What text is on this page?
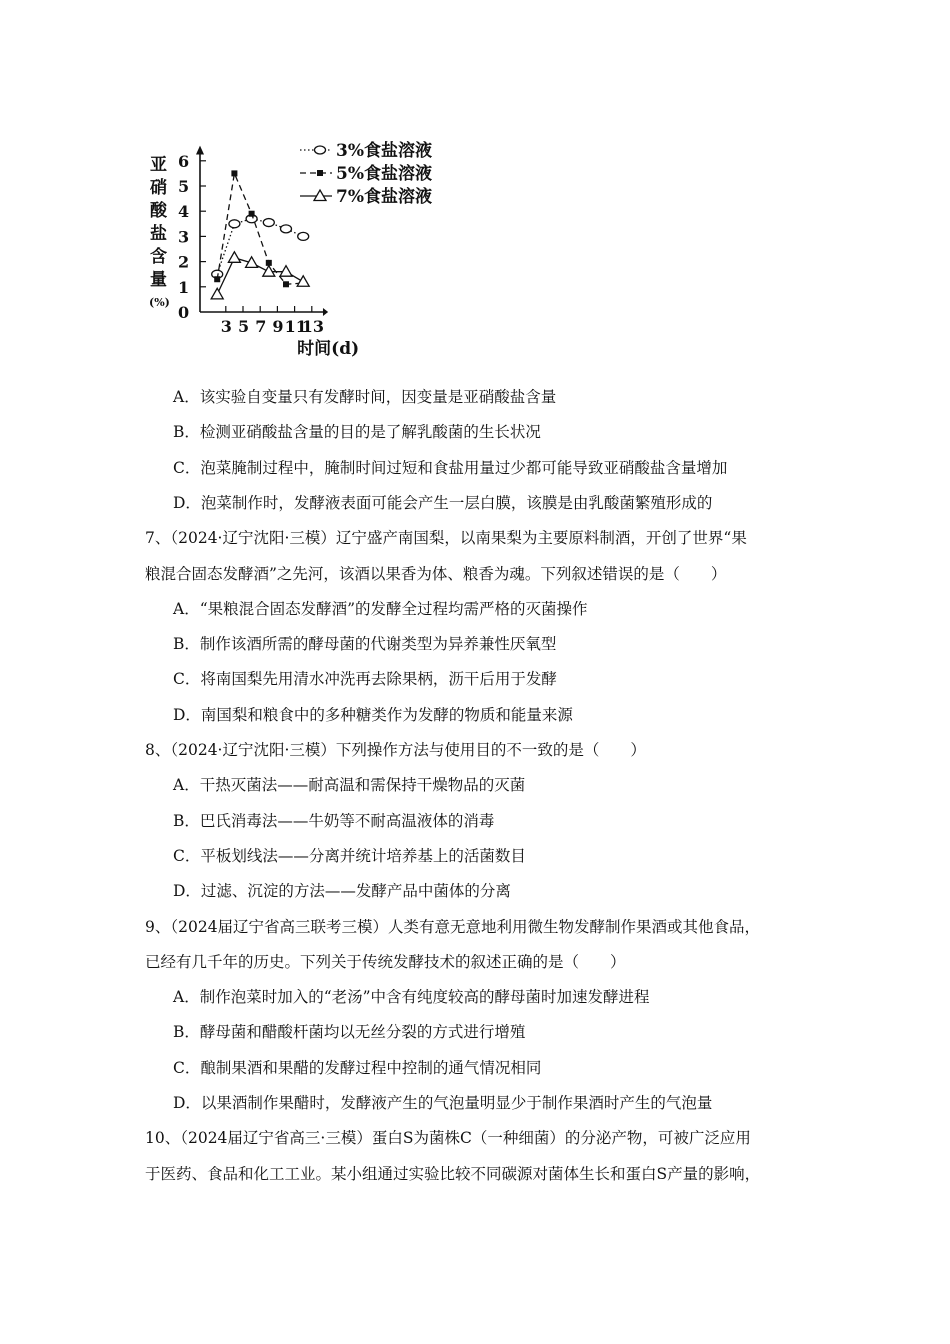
0
1
2
3
4
5
6
3 5 7 9 11
13
亚
硝
酸
盐
含
量
(%)
时间(d)
3%食盐溶液
5%食盐溶液
7%食盐溶液
A．该实验自变量只有发酵时间，因变量是亚硝酸盐含量
B．检测亚硝酸盐含量的目的是了解乳酸菌的生长状况
C．泡菜腌制过程中，腌制时间过短和食盐用量过少都可能导致亚硝酸盐含量增加
D．泡菜制作时，发酵液表面可能会产生一层白膜，该膜是由乳酸菌繁殖形成的
7、（2024·辽宁沈阳·三模）辽宁盛产南国梨，以南果梨为主要原料制酒，开创了世界“果
粮混合固态发酵酒”之先河，该酒以果香为体、粮香为魂。下列叙述错误的是（　　）
A．“果粮混合固态发酵酒”的发酵全过程均需严格的灭菌操作
B．制作该酒所需的酵母菌的代谢类型为异养兼性厌氧型
C．将南国梨先用清水冲洗再去除果柄，沥干后用于发酵
D．南国梨和粮食中的多种糖类作为发酵的物质和能量来源
8、（2024·辽宁沈阳·三模）下列操作方法与使用目的不一致的是（　　）
A．干热灭菌法——耐高温和需保持干燥物品的灭菌
B．巴氏消毒法——牛奶等不耐高温液体的消毒
C．平板划线法——分离并统计培养基上的活菌数目
D．过滤、沉淀的方法——发酵产品中菌体的分离
9、（2024届辽宁省高三联考三模）人类有意无意地利用微生物发酵制作果酒或其他食品，
已经有几千年的历史。下列关于传统发酵技术的叙述正确的是（　　）
A．制作泡菜时加入的“老汤”中含有纯度较高的酵母菌时加速发酵进程
B．酵母菌和醋酸杆菌均以无丝分裂的方式进行增殖
C．酿制果酒和果醋的发酵过程中控制的通气情况相同
D．以果酒制作果醋时，发酵液产生的气泡量明显少于制作果酒时产生的气泡量
10、（2024届辽宁省高三·三模）蛋白S为菌株C（一种细菌）的分泌产物，可被广泛应用
于医药、食品和化工工业。某小组通过实验比较不同碳源对菌体生长和蛋白S产量的影响，
